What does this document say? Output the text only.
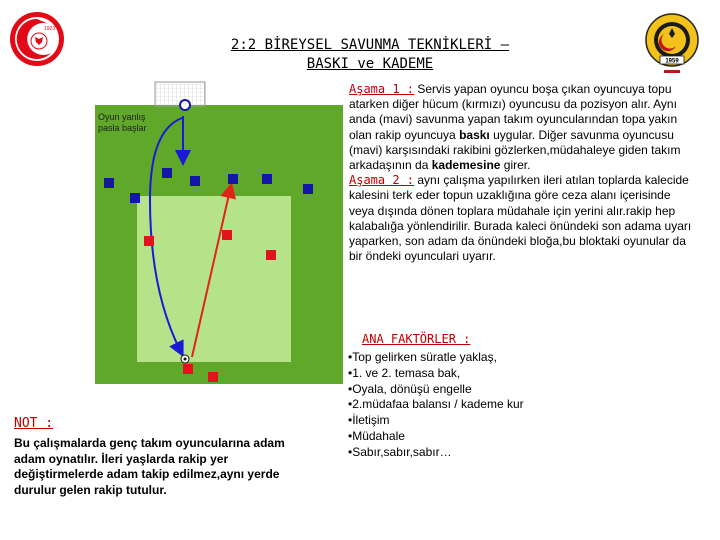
1923
1959
2:2 BİREYSEL SAVUNMA TEKNİKLERİ –
BASKI ve KADEME
Oyun yanlış pasla başlar
Aşama 1 : Servis yapan oyuncu boşa çıkan oyuncuya topu atarken diğer hücum (kırmızı) oyuncusu da pozisyon alır. Aynı anda (mavi) savunma yapan takım oyuncularından topa yakın olan rakip oyuncuya baskı uygular. Diğer savunma oyuncusu (mavi) karşısındaki rakibini gözlerken,müdahaleye giden takım arkadaşının da kademesine girer.
Aşama 2 : aynı çalışma yapılırken ileri atılan toplarda kalecide kalesini terk eder topun uzaklığına göre ceza alanı içerisinde veya dışında dönen toplara müdahale için yerini alır.rakip hep kalabalığa yönlendirilir. Burada kaleci önündeki son adama uyarı yaparken, son adam da önündeki bloğa,bu bloktaki oyunular da bir öndeki oyunculari uyarır.
ANA FAKTÖRLER :
•Top gelirken süratle yaklaş,
•1. ve 2. temasa bak,
•Oyala, dönüşü engelle
•2.müdafaa balansı / kademe kur
•İletişim
•Müdahale
•Sabır,sabır,sabır…
NOT :
Bu çalışmalarda genç takım oyuncularına adam adam oynatılır. İleri yaşlarda rakip yer değiştirmelerde adam takip edilmez,aynı yerde durulur gelen rakip tutulur.
